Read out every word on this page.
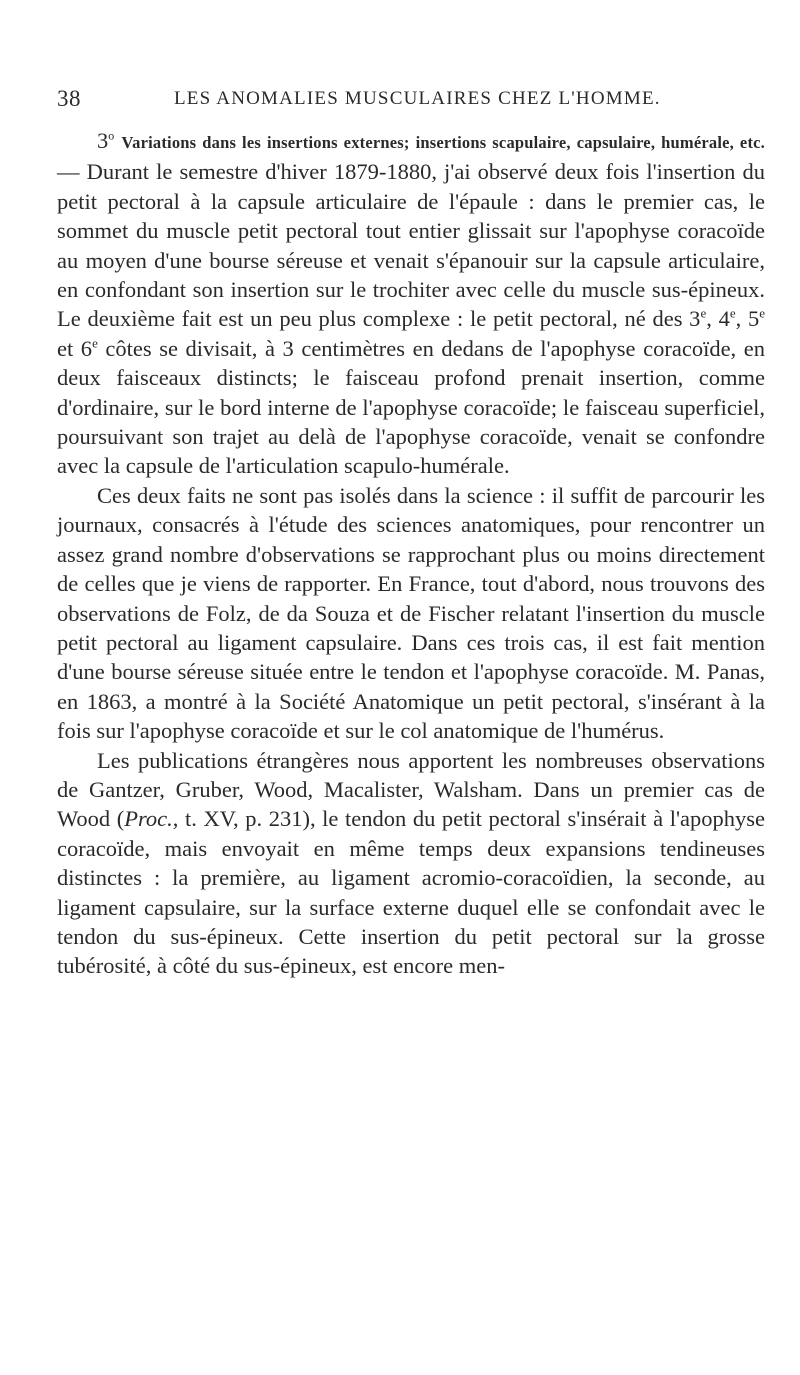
38	LES ANOMALIES MUSCULAIRES CHEZ L'HOMME.

3$^o$ Variations dans les insertions externes; insertions scapulaire, capsulaire, humérale, etc. — Durant le semestre d'hiver 1879-1880, j'ai observé deux fois l'insertion du petit pectoral à la capsule articulaire de l'épaule : dans le premier cas, le sommet du muscle petit pectoral tout entier glissait sur l'apophyse coracoïde au moyen d'une bourse séreuse et venait s'épanouir sur la capsule articulaire, en confondant son insertion sur le trochiter avec celle du muscle sus-épineux. Le deuxième fait est un peu plus complexe : le petit pectoral, né des 3e, 4e, 5e et 6e côtes se divisait, à 3 centimètres en dedans de l'apophyse coracoïde, en deux faisceaux distincts; le faisceau profond prenait insertion, comme d'ordinaire, sur le bord interne de l'apophyse coracoïde; le faisceau superficiel, poursuivant son trajet au delà de l'apophyse coracoïde, venait se confondre avec la capsule de l'articulation scapulo-humérale.

Ces deux faits ne sont pas isolés dans la science : il suffit de parcourir les journaux, consacrés à l'étude des sciences anatomiques, pour rencontrer un assez grand nombre d'observations se rapprochant plus ou moins directement de celles que je viens de rapporter. En France, tout d'abord, nous trouvons des observations de Folz, de da Souza et de Fischer relatant l'insertion du muscle petit pectoral au ligament capsulaire. Dans ces trois cas, il est fait mention d'une bourse séreuse située entre le tendon et l'apophyse coracoïde. M. Panas, en 1863, a montré à la Société Anatomique un petit pectoral, s'insérant à la fois sur l'apophyse coracoïde et sur le col anatomique de l'humérus.

Les publications étrangères nous apportent les nombreuses observations de Gantzer, Gruber, Wood, Macalister, Walsham. Dans un premier cas de Wood (Proc., t. XV, p. 231), le tendon du petit pectoral s'insérait à l'apophyse coracoïde, mais envoyait en même temps deux expansions tendineuses distinctes : la première, au ligament acromio-coracoïdien, la seconde, au ligament capsulaire, sur la surface externe duquel elle se confondait avec le tendon du sus-épineux. Cette insertion du petit pectoral sur la grosse tubérosité, à côté du sus-épineux, est encore men-
